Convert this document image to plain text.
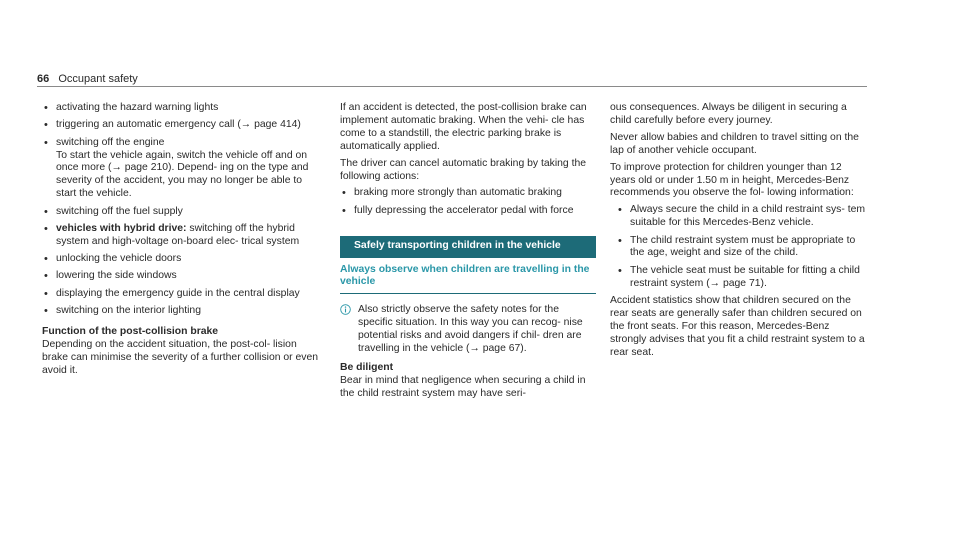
66 Occupant safety
• activating the hazard warning lights
• triggering an automatic emergency call (→ page 414)
• switching off the engine
To start the vehicle again, switch the vehicle off and on once more (→ page 210). Depend- ing on the type and severity of the accident, you may no longer be able to start the vehicle.
• switching off the fuel supply
• vehicles with hybrid drive: switching off the hybrid system and high-voltage on-board elec- trical system
• unlocking the vehicle doors
• lowering the side windows
• displaying the emergency guide in the central display
• switching on the interior lighting
Function of the post-collision brake
Depending on the accident situation, the post-col- lision brake can minimise the severity of a further collision or even avoid it.
If an accident is detected, the post-collision brake can implement automatic braking. When the vehi- cle has come to a standstill, the electric parking brake is automatically applied.
The driver can cancel automatic braking by taking the following actions:
• braking more strongly than automatic braking
• fully depressing the accelerator pedal with force
Safely transporting children in the vehicle
Always observe when children are travelling in the vehicle
Also strictly observe the safety notes for the specific situation. In this way you can recog- nise potential risks and avoid dangers if chil- dren are travelling in the vehicle (→ page 67).
Be diligent
Bear in mind that negligence when securing a child in the child restraint system may have seri-
ous consequences. Always be diligent in securing a child carefully before every journey.
Never allow babies and children to travel sitting on the lap of another vehicle occupant.
To improve protection for children younger than 12 years old or under 1.50 m in height, Mercedes-Benz recommends you observe the fol- lowing information:
• Always secure the child in a child restraint sys- tem suitable for this Mercedes-Benz vehicle.
• The child restraint system must be appropriate to the age, weight and size of the child.
• The vehicle seat must be suitable for fitting a child restraint system (→ page 71).
Accident statistics show that children secured on the rear seats are generally safer than children secured on the front seats. For this reason, Mercedes-Benz strongly advises that you fit a child restraint system to a rear seat.
